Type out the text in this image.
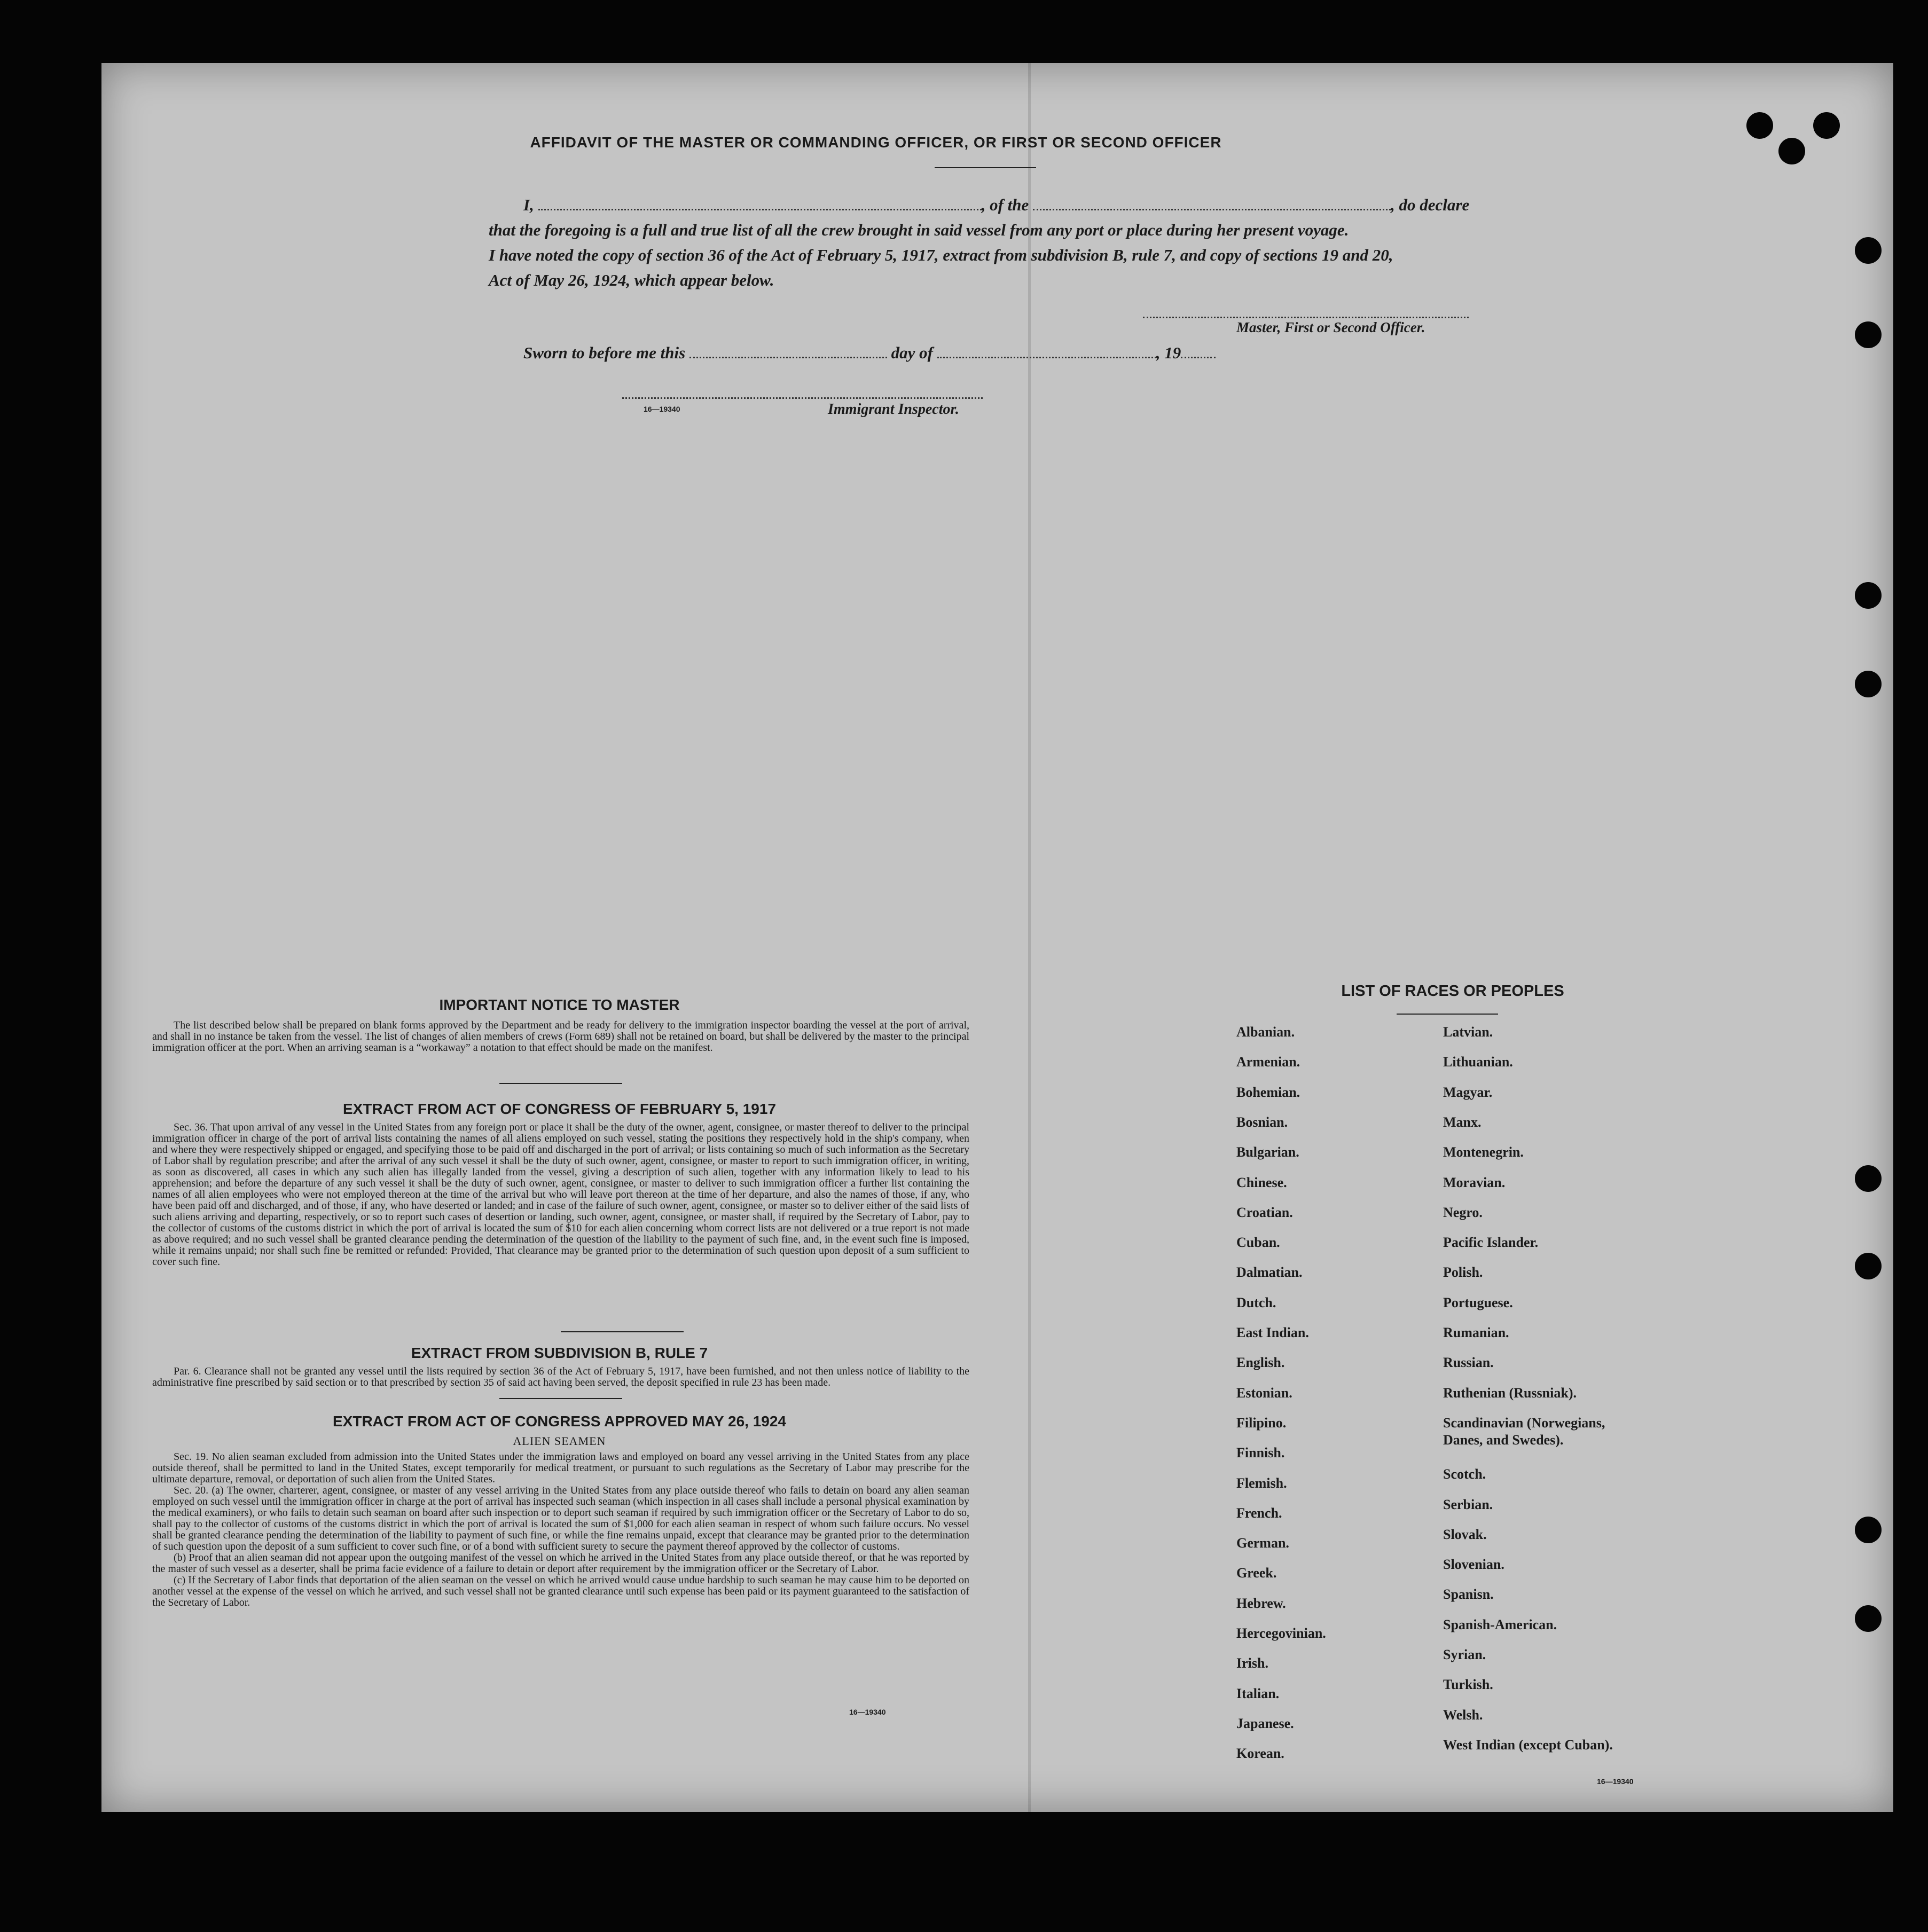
AFFIDAVIT OF THE MASTER OR COMMANDING OFFICER, OR FIRST OR SECOND OFFICER
I,	, of the	, do declare
that the foregoing is a full and true list of all the crew brought in said vessel from any port or place during her present voyage.
I have noted the copy of section 36 of the Act of February 5, 1917, extract from subdivision B, rule 7, and copy of sections 19 and 20,
Act of May 26, 1924, which appear below.
Master, First or Second Officer.
Sworn to before me this	day of	, 19
16—19340	Immigrant Inspector.
IMPORTANT NOTICE TO MASTER
The list described below shall be prepared on blank forms approved by the Department and be ready for delivery to the immigration inspector boarding the vessel at the port of arrival, and shall in no instance be taken from the vessel. The list of changes of alien members of crews (Form 689) shall not be retained on board, but shall be delivered by the master to the principal immigration officer at the port. When an arriving seaman is a “workaway” a notation to that effect should be made on the manifest.
EXTRACT FROM ACT OF CONGRESS OF FEBRUARY 5, 1917
Sec. 36. That upon arrival of any vessel in the United States from any foreign port or place it shall be the duty of the owner, agent, consignee, or master thereof to deliver to the principal immigration officer in charge of the port of arrival lists containing the names of all aliens employed on such vessel, stating the positions they respectively hold in the ship's company, when and where they were respectively shipped or engaged, and specifying those to be paid off and discharged in the port of arrival; or lists containing so much of such information as the Secretary of Labor shall by regulation prescribe; and after the arrival of any such vessel it shall be the duty of such owner, agent, consignee, or master to report to such immigration officer, in writing, as soon as discovered, all cases in which any such alien has illegally landed from the vessel, giving a description of such alien, together with any information likely to lead to his apprehension; and before the departure of any such vessel it shall be the duty of such owner, agent, consignee, or master to deliver to such immigration officer a further list containing the names of all alien employees who were not employed thereon at the time of the arrival but who will leave port thereon at the time of her departure, and also the names of those, if any, who have been paid off and discharged, and of those, if any, who have deserted or landed; and in case of the failure of such owner, agent, consignee, or master so to deliver either of the said lists of such aliens arriving and departing, respectively, or so to report such cases of desertion or landing, such owner, agent, consignee, or master shall, if required by the Secretary of Labor, pay to the collector of customs of the customs district in which the port of arrival is located the sum of $10 for each alien concerning whom correct lists are not delivered or a true report is not made as above required; and no such vessel shall be granted clearance pending the determination of the question of the liability to the payment of such fine, and, in the event such fine is imposed, while it remains unpaid; nor shall such fine be remitted or refunded: Provided, That clearance may be granted prior to the determination of such question upon deposit of a sum sufficient to cover such fine.
EXTRACT FROM SUBDIVISION B, RULE 7
Par. 6. Clearance shall not be granted any vessel until the lists required by section 36 of the Act of February 5, 1917, have been furnished, and not then unless notice of liability to the administrative fine prescribed by said section or to that prescribed by section 35 of said act having been served, the deposit specified in rule 23 has been made.
EXTRACT FROM ACT OF CONGRESS APPROVED MAY 26, 1924
ALIEN SEAMEN
Sec. 19. No alien seaman excluded from admission into the United States under the immigration laws and employed on board any vessel arriving in the United States from any place outside thereof, shall be permitted to land in the United States, except temporarily for medical treatment, or pursuant to such regulations as the Secretary of Labor may prescribe for the ultimate departure, removal, or deportation of such alien from the United States.
Sec. 20. (a) The owner, charterer, agent, consignee, or master of any vessel arriving in the United States from any place outside thereof who fails to detain on board any alien seaman employed on such vessel until the immigration officer in charge at the port of arrival has inspected such seaman (which inspection in all cases shall include a personal physical examination by the medical examiners), or who fails to detain such seaman on board after such inspection or to deport such seaman if required by such immigration officer or the Secretary of Labor to do so, shall pay to the collector of customs of the customs district in which the port of arrival is located the sum of $1,000 for each alien seaman in respect of whom such failure occurs. No vessel shall be granted clearance pending the determination of the liability to payment of such fine, or while the fine remains unpaid, except that clearance may be granted prior to the determination of such question upon the deposit of a sum sufficient to cover such fine, or of a bond with sufficient surety to secure the payment thereof approved by the collector of customs.
(b) Proof that an alien seaman did not appear upon the outgoing manifest of the vessel on which he arrived in the United States from any place outside thereof, or that he was reported by the master of such vessel as a deserter, shall be prima facie evidence of a failure to detain or deport after requirement by the immigration officer or the Secretary of Labor.
(c) If the Secretary of Labor finds that deportation of the alien seaman on the vessel on which he arrived would cause undue hardship to such seaman he may cause him to be deported on another vessel at the expense of the vessel on which he arrived, and such vessel shall not be granted clearance until such expense has been paid or its payment guaranteed to the satisfaction of the Secretary of Labor.
16—19340
LIST OF RACES OR PEOPLES
Albanian.
Armenian.
Bohemian.
Bosnian.
Bulgarian.
Chinese.
Croatian.
Cuban.
Dalmatian.
Dutch.
East Indian.
English.
Estonian.
Filipino.
Finnish.
Flemish.
French.
German.
Greek.
Hebrew.
Hercegovinian.
Irish.
Italian.
Japanese.
Korean.
Latvian.
Lithuanian.
Magyar.
Manx.
Montenegrin.
Moravian.
Negro.
Pacific Islander.
Polish.
Portuguese.
Rumanian.
Russian.
Ruthenian (Russniak).
Scandinavian (Norwegians,
Danes, and Swedes).
Scotch.
Serbian.
Slovak.
Slovenian.
Spanisn.
Spanish-American.
Syrian.
Turkish.
Welsh.
West Indian (except Cuban).
16—19340
